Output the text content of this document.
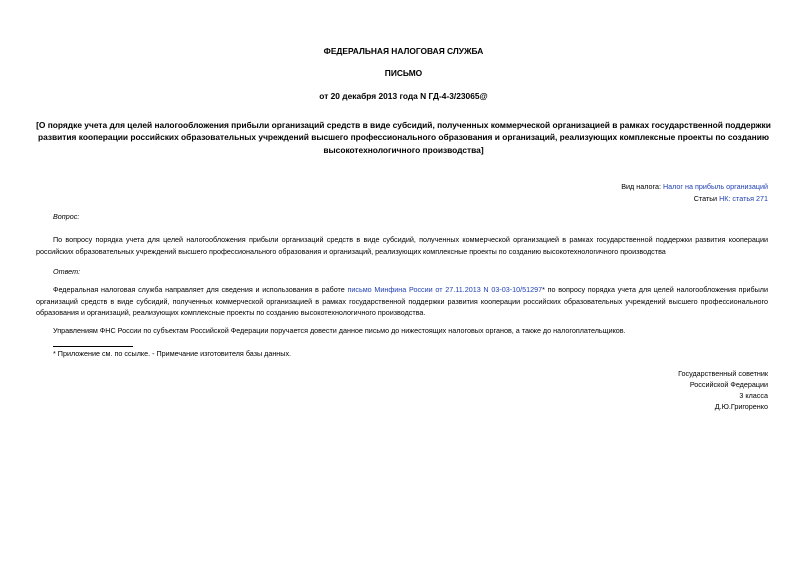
ФЕДЕРАЛЬНАЯ НАЛОГОВАЯ СЛУЖБА
ПИСЬМО
от 20 декабря 2013 года N ГД-4-3/23065@
[О порядке учета для целей налогообложения прибыли организаций средств в виде субсидий, полученных коммерческой организацией в рамках государственной поддержки развития кооперации российских образовательных учреждений высшего профессионального образования и организаций, реализующих комплексные проекты по созданию высокотехнологичного производства]
Вид налога: Налог на прибыль организаций
Статьи НК: статья 271
Вопрос:
По вопросу порядка учета для целей налогообложения прибыли организаций средств в виде субсидий, полученных коммерческой организацией в рамках государственной поддержки развития кооперации российских образовательных учреждений высшего профессионального образования и организаций, реализующих комплексные проекты по созданию высокотехнологичного производства
Ответ:
Федеральная налоговая служба направляет для сведения и использования в работе письмо Минфина России от 27.11.2013 N 03-03-10/51297* по вопросу порядка учета для целей налогообложения прибыли организаций средств в виде субсидий, полученных коммерческой организацией в рамках государственной поддержки развития кооперации российских образовательных учреждений высшего профессионального образования и организаций, реализующих комплексные проекты по созданию высокотехнологичного производства.
Управлениям ФНС России по субъектам Российской Федерации поручается довести данное письмо до нижестоящих налоговых органов, а также до налогоплательщиков.
* Приложение см. по ссылке. - Примечание изготовителя базы данных.
Государственный советник
Российской Федерации
3 класса
Д.Ю.Григоренко
